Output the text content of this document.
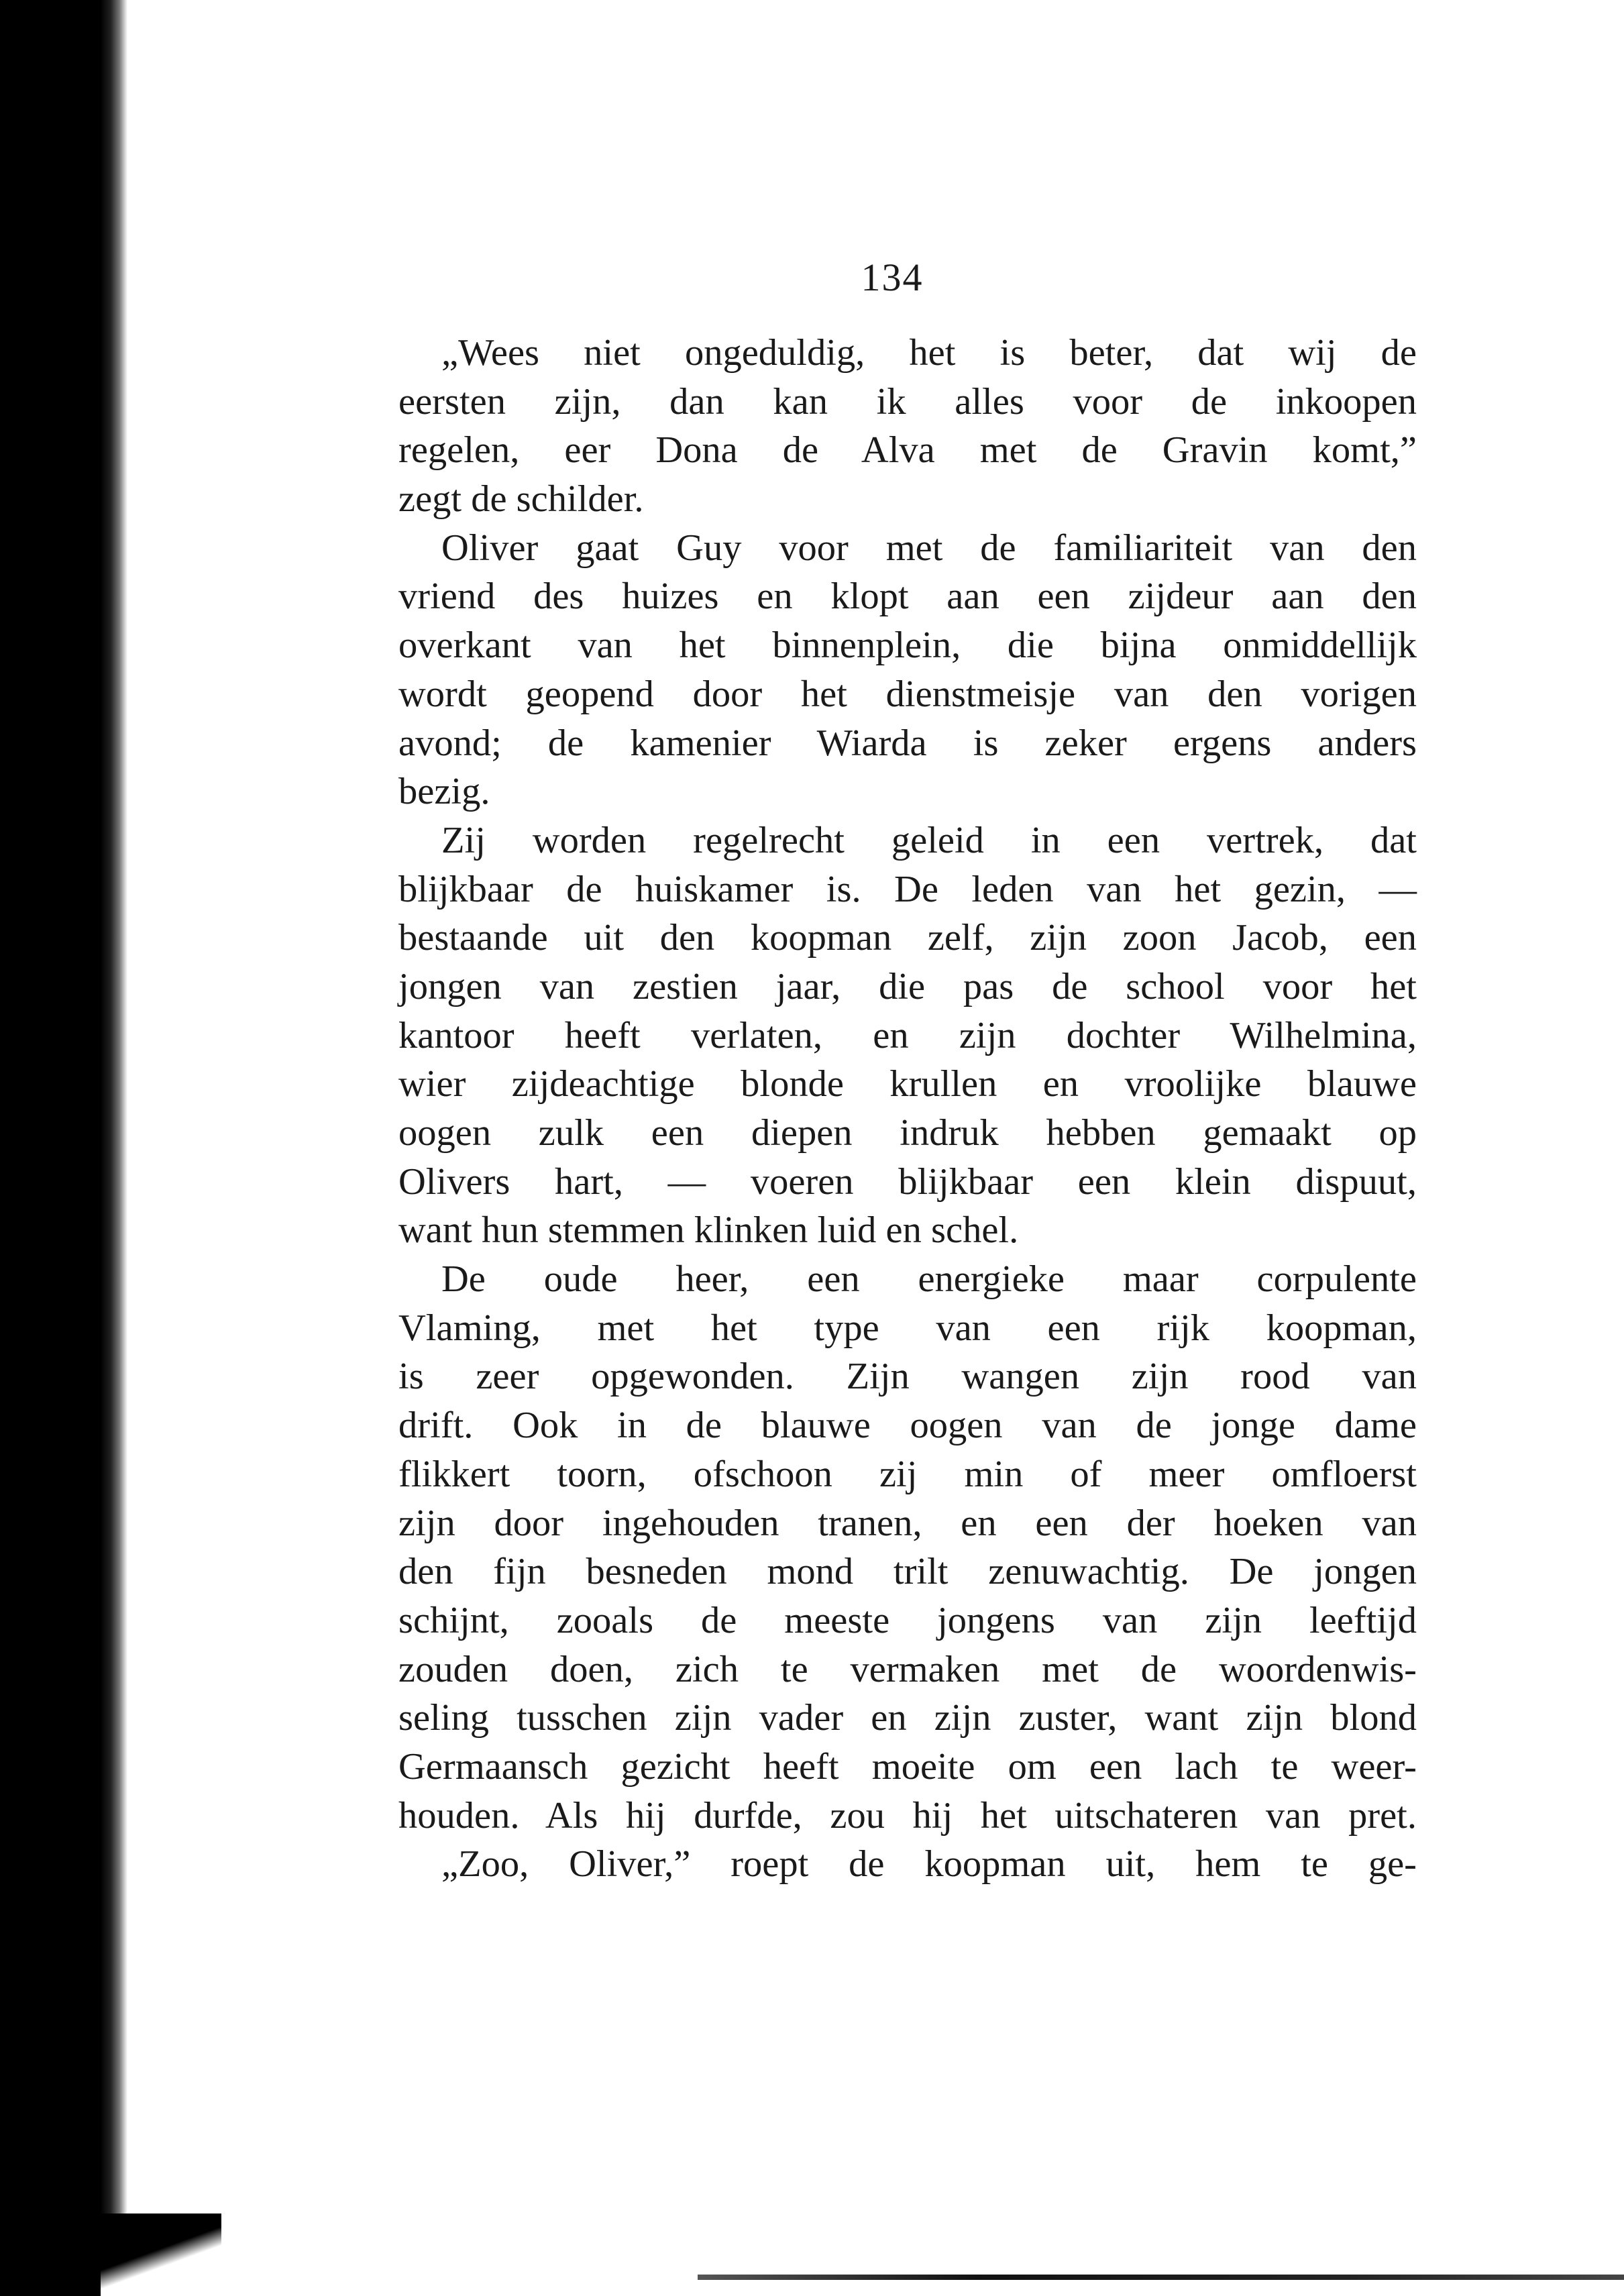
134
„Wees niet ongeduldig, het is beter, dat wij de
eersten zijn, dan kan ik alles voor de inkoopen
regelen, eer Dona de Alva met de Gravin komt,”
zegt de schilder.
Oliver gaat Guy voor met de familiariteit van den
vriend des huizes en klopt aan een zijdeur aan den
overkant van het binnenplein, die bijna onmiddellijk
wordt geopend door het dienstmeisje van den vorigen
avond; de kamenier Wiarda is zeker ergens anders
bezig.
Zij worden regelrecht geleid in een vertrek, dat
blijkbaar de huiskamer is. De leden van het gezin, —
bestaande uit den koopman zelf, zijn zoon Jacob, een
jongen van zestien jaar, die pas de school voor het
kantoor heeft verlaten, en zijn dochter Wilhelmina,
wier zijdeachtige blonde krullen en vroolijke blauwe
oogen zulk een diepen indruk hebben gemaakt op
Olivers hart, — voeren blijkbaar een klein dispuut,
want hun stemmen klinken luid en schel.
De oude heer, een energieke maar corpulente
Vlaming, met het type van een rijk koopman,
is zeer opgewonden. Zijn wangen zijn rood van
drift. Ook in de blauwe oogen van de jonge dame
flikkert toorn, ofschoon zij min of meer omfloerst
zijn door ingehouden tranen, en een der hoeken van
den fijn besneden mond trilt zenuwachtig. De jongen
schijnt, zooals de meeste jongens van zijn leeftijd
zouden doen, zich te vermaken met de woordenwis-
seling tusschen zijn vader en zijn zuster, want zijn blond
Germaansch gezicht heeft moeite om een lach te weer-
houden. Als hij durfde, zou hij het uitschateren van pret.
„Zoo, Oliver,” roept de koopman uit, hem te ge-
